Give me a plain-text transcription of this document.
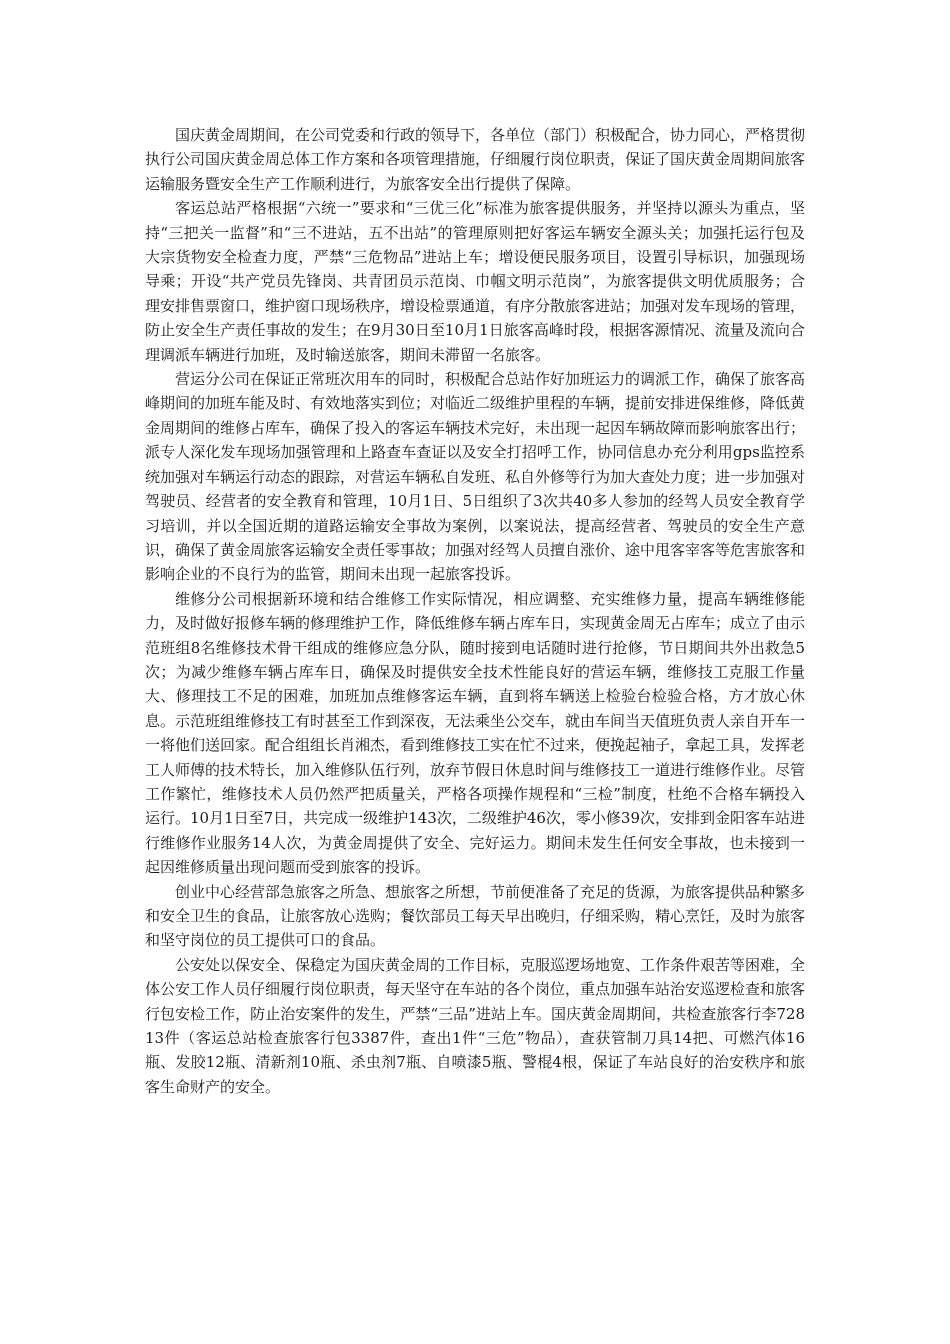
国庆黄金周期间，在公司党委和行政的领导下，各单位（部门）积极配合，协力同心，严格贯彻执行公司国庆黄金周总体工作方案和各项管理措施，仔细履行岗位职责，保证了国庆黄金周期间旅客运输服务暨安全生产工作顺利进行，为旅客安全出行提供了保障。

客运总站严格根据“六统一”要求和“三优三化”标准为旅客提供服务，并坚持以源头为重点，坚持“三把关一监督”和“三不进站，五不出站”的管理原则把好客运车辆安全源头关；加强托运行包及大宗货物安全检查力度，严禁“三危物品”进站上车；增设便民服务项目，设置引导标识，加强现场导乘；开设“共产党员先锋岗、共青团员示范岗、巾帼文明示范岗”，为旅客提供文明优质服务；合理安排售票窗口，维护窗口现场秩序，增设检票通道，有序分散旅客进站；加强对发车现场的管理，防止安全生产责任事故的发生；在9月30日至10月1日旅客高峰时段，根据客源情况、流量及流向合理调派车辆进行加班，及时输送旅客，期间未滞留一名旅客。

营运分公司在保证正常班次用车的同时，积极配合总站作好加班运力的调派工作，确保了旅客高峰期间的加班车能及时、有效地落实到位；对临近二级维护里程的车辆，提前安排进保维修，降低黄金周期间的维修占库车，确保了投入的客运车辆技术完好，未出现一起因车辆故障而影响旅客出行；派专人深化发车现场加强管理和上路查车查证以及安全打招呼工作，协同信息办充分利用gps监控系统加强对车辆运行动态的跟踪，对营运车辆私自发班、私自外修等行为加大查处力度；进一步加强对驾驶员、经营者的安全教育和管理，10月1日、5日组织了3次共40多人参加的经驾人员安全教育学习培训，并以全国近期的道路运输安全事故为案例，以案说法，提高经营者、驾驶员的安全生产意识，确保了黄金周旅客运输安全责任零事故；加强对经驾人员擅自涨价、途中甩客宰客等危害旅客和影响企业的不良行为的监管，期间未出现一起旅客投诉。

维修分公司根据新环境和结合维修工作实际情况，相应调整、充实维修力量，提高车辆维修能力，及时做好报修车辆的修理维护工作，降低维修车辆占库车日，实现黄金周无占库车；成立了由示范班组8名维修技术骨干组成的维修应急分队，随时接到电话随时进行抢修，节日期间共外出救急5次；为减少维修车辆占库车日，确保及时提供安全技术性能良好的营运车辆，维修技工克服工作量大、修理技工不足的困难，加班加点维修客运车辆，直到将车辆送上检验台检验合格，方才放心休息。示范班组维修技工有时甚至工作到深夜，无法乘坐公交车，就由车间当天值班负责人亲自开车一一将他们送回家。配合组组长肖湘杰，看到维修技工实在忙不过来，便挽起袖子，拿起工具，发挥老工人师傅的技术特长，加入维修队伍行列，放弃节假日休息时间与维修技工一道进行维修作业。尽管工作繁忙，维修技术人员仍然严把质量关，严格各项操作规程和“三检”制度，杜绝不合格车辆投入运行。10月1日至7日，共完成一级维护143次，二级维护46次，零小修39次，安排到金阳客车站进行维修作业服务14人次，为黄金周提供了安全、完好运力。期间未发生任何安全事故，也未接到一起因维修质量出现问题而受到旅客的投诉。

创业中心经营部急旅客之所急、想旅客之所想，节前便准备了充足的货源，为旅客提供品种繁多和安全卫生的食品，让旅客放心选购；餐饮部员工每天早出晚归，仔细采购，精心烹饪，及时为旅客和坚守岗位的员工提供可口的食品。

公安处以保安全、保稳定为国庆黄金周的工作目标，克服巡逻场地宽、工作条件艰苦等困难，全体公安工作人员仔细履行岗位职责，每天坚守在车站的各个岗位，重点加强车站治安巡逻检查和旅客行包安检工作，防止治安案件的发生，严禁“三品”进站上车。国庆黄金周期间，共检查旅客行李72813件（客运总站检查旅客行包3387件，查出1件“三危”物品），查获管制刀具14把、可燃汽体16瓶、发胶12瓶、清新剂10瓶、杀虫剂7瓶、自喷漆5瓶、警棍4根，保证了车站良好的治安秩序和旅客生命财产的安全。
